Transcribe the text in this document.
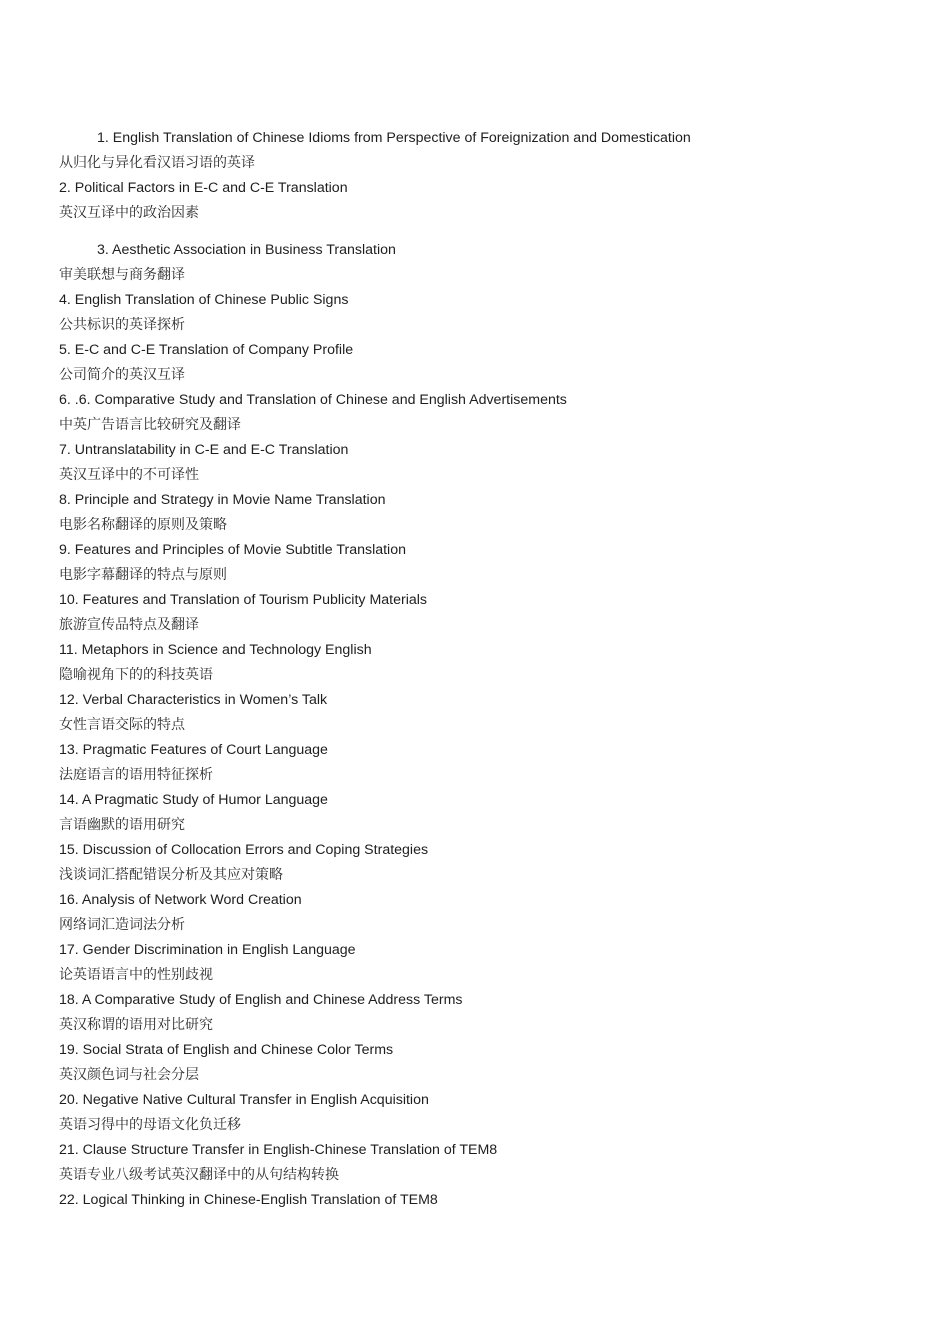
1. English Translation of Chinese Idioms from Perspective of Foreignization and Domestication
从归化与异化看汉语习语的英译
2. Political Factors in E-C and C-E Translation
英汉互译中的政治因素
3. Aesthetic Association in Business Translation
审美联想与商务翻译
4. English Translation of Chinese Public Signs
公共标识的英译探析
5. E-C and C-E Translation of Company Profile
公司简介的英汉互译
6. .6. Comparative Study and Translation of Chinese and English Advertisements
中英广告语言比较研究及翻译
7. Untranslatability in C-E and E-C Translation
英汉互译中的不可译性
8. Principle and Strategy in Movie Name Translation
电影名称翻译的原则及策略
9. Features and Principles of Movie Subtitle Translation
电影字幕翻译的特点与原则
10. Features and Translation of Tourism Publicity Materials
旅游宣传品特点及翻译
11. Metaphors in Science and Technology English
隐喻视角下的的科技英语
12. Verbal Characteristics in Women’s Talk
女性言语交际的特点
13. Pragmatic Features of Court Language
法庭语言的语用特征探析
14. A Pragmatic Study of Humor Language
言语幽默的语用研究
15. Discussion of Collocation Errors and Coping Strategies
浅谈词汇搭配错误分析及其应对策略
16. Analysis of Network Word Creation
网络词汇造词法分析
17. Gender Discrimination in English Language
论英语语言中的性别歧视
18. A Comparative Study of English and Chinese Address Terms
英汉称谓的语用对比研究
19. Social Strata of English and Chinese Color Terms
英汉颜色词与社会分层
20. Negative Native Cultural Transfer in English Acquisition
英语习得中的母语文化负迁移
21. Clause Structure Transfer in English-Chinese Translation of TEM8
英语专业八级考试英汉翻译中的从句结构转换
22. Logical Thinking in Chinese-English Translation of TEM8
